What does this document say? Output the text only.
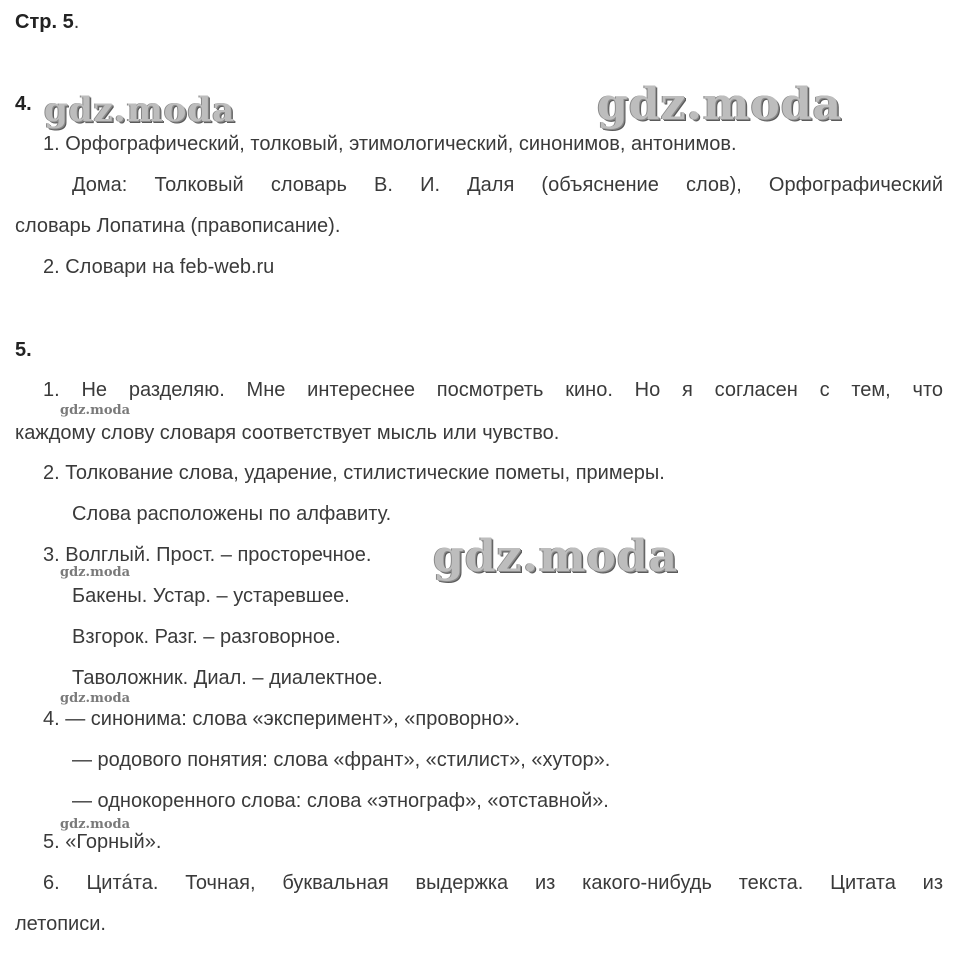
Стр. 5.
4.
1. Орфографический, толковый, этимологический, синонимов, антонимов.
Дома: Толковый словарь В. И. Даля (объяснение слов), Орфографический
словарь Лопатина (правописание).
2. Словари на feb-web.ru
5.
1. Не разделяю. Мне интереснее посмотреть кино. Но я согласен с тем, что
каждому слову словаря соответствует мысль или чувство.
2. Толкование слова, ударение, стилистические пометы, примеры.
Слова расположены по алфавиту.
3. Волглый. Прост. – просторечное.
Бакены. Устар. – устаревшее.
Взгорок. Разг. – разговорное.
Таволожник. Диал. – диалектное.
4. — синонима: слова «эксперимент», «проворно».
— родового понятия: слова «франт», «стилист», «хутор».
— однокоренного слова: слова «этнограф», «отставной».
5. «Горный».
6. Цитáта. Точная, буквальная выдержка из какого-нибудь текста. Цитата из
летописи.
gdz.moda	gdz.moda
gdz.moda
gdz.moda
gdz.moda
gdz.moda
gdz.moda
